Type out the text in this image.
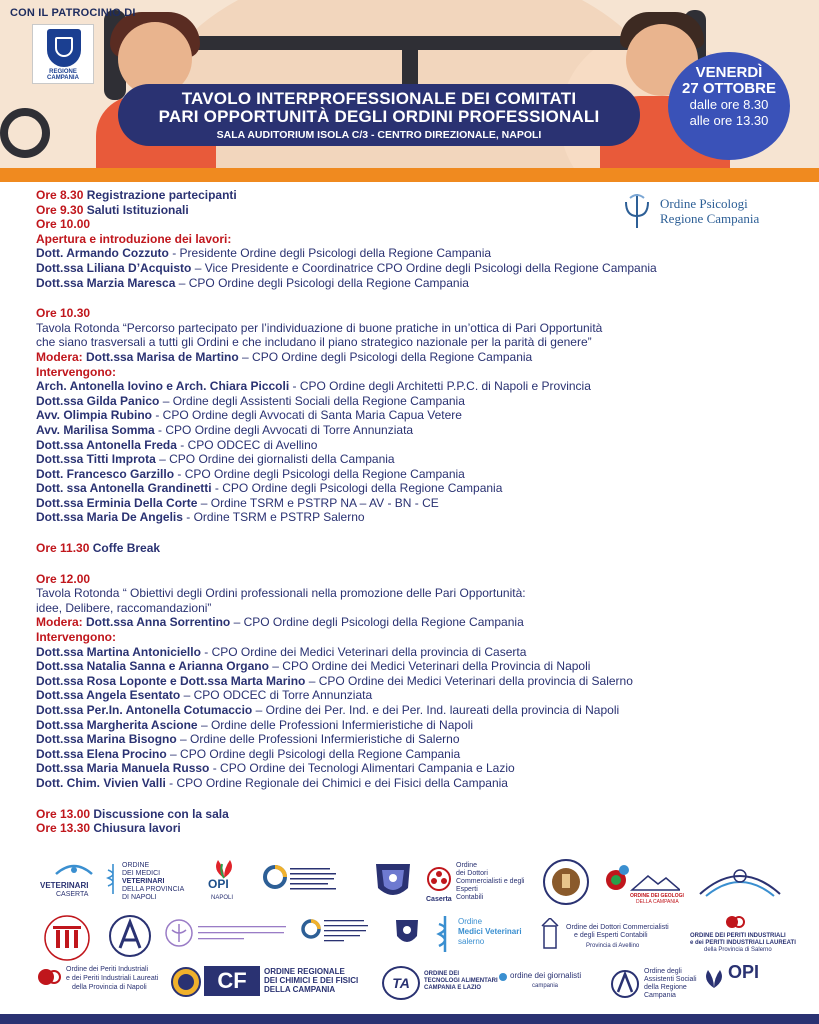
CON IL PATROCINIO DI
REGIONE CAMPANIA
TAVOLO INTERPROFESSIONALE DEI COMITATI
PARI OPPORTUNITÀ DEGLI ORDINI PROFESSIONALI
SALA AUDITORIUM ISOLA C/3 - CENTRO DIREZIONALE, NAPOLI
VENERDÌ
27 OTTOBRE
dalle ore 8.30
alle ore 13.30
Ordine Psicologi
Regione Campania
Ore 8.30 Registrazione partecipanti
Ore 9.30 Saluti Istituzionali
Ore 10.00
Apertura e introduzione dei lavori:
Dott. Armando Cozzuto - Presidente Ordine degli Psicologi della Regione Campania
Dott.ssa Liliana D’Acquisto – Vice Presidente e Coordinatrice CPO Ordine degli Psicologi della Regione Campania
Dott.ssa Marzia Maresca – CPO Ordine degli Psicologi della Regione Campania
Ore 10.30
Tavola Rotonda “Percorso partecipato per l’individuazione di buone pratiche in un’ottica di Pari Opportunità
che siano trasversali a tutti gli Ordini e che includano il piano strategico nazionale per la parità di genere”
Modera: Dott.ssa Marisa de Martino – CPO Ordine degli Psicologi della Regione Campania
Intervengono:
Arch. Antonella Iovino e Arch. Chiara Piccoli - CPO Ordine degli Architetti P.P.C. di Napoli e Provincia
Dott.ssa Gilda Panico – Ordine degli Assistenti Sociali della Regione Campania
Avv. Olimpia Rubino - CPO Ordine degli Avvocati di Santa Maria Capua Vetere
Avv. Marilisa Somma - CPO Ordine degli Avvocati di Torre Annunziata
Dott.ssa Antonella Freda - CPO ODCEC di Avellino
Dott.ssa Titti Improta – CPO Ordine dei giornalisti della Campania
Dott. Francesco Garzillo - CPO Ordine degli Psicologi della Regione Campania
Dott. ssa Antonella Grandinetti - CPO Ordine degli Psicologi della Regione Campania
Dott.ssa Erminia Della Corte – Ordine TSRM e PSTRP NA – AV - BN - CE
Dott.ssa Maria De Angelis - Ordine TSRM e PSTRP Salerno
Ore 11.30 Coffe Break
Ore 12.00
Tavola Rotonda “ Obiettivi degli Ordini professionali nella promozione delle Pari Opportunità:
idee, Delibere, raccomandazioni”
Modera: Dott.ssa Anna Sorrentino – CPO Ordine degli Psicologi della Regione Campania
Intervengono:
Dott.ssa Martina Antoniciello - CPO Ordine dei Medici Veterinari della provincia di Caserta
Dott.ssa Natalia Sanna e Arianna Organo – CPO Ordine dei Medici Veterinari della Provincia di Napoli
Dott.ssa Rosa Loponte e Dott.ssa Marta Marino – CPO Ordine dei Medici Veterinari della provincia di Salerno
Dott.ssa Angela Esentato – CPO ODCEC di Torre Annunziata
Dott.ssa Per.In. Antonella Cotumaccio – Ordine dei Per. Ind. e dei Per. Ind. laureati della provincia di Napoli
Dott.ssa Margherita Ascione – Ordine delle Professioni Infermieristiche di Napoli
Dott.ssa Marina Bisogno – Ordine delle Professioni Infermieristiche di Salerno
Dott.ssa Elena Procino – CPO Ordine degli Psicologi della Regione Campania
Dott.ssa Maria Manuela Russo - CPO Ordine dei Tecnologi Alimentari Campania e Lazio
Dott. Chim. Vivien Valli - CPO Ordine Regionale dei Chimici e dei Fisici della Campania
Ore 13.00 Discussione con la sala
Ore 13.30 Chiusura lavori
VETERINARI
CASERTA
ORDINE
DEI MEDICI
VETERINARI
DELLA PROVINCIA
DI NAPOLI
OPI
NAPOLI
Ordine
dei Dottori
Commercialisti e degli
Esperti
Contabili
Caserta	ORDINE DEI GEOLOGI
DELLA CAMPANIA
Ordine
Medici Veterinari
salerno
Ordine dei Dottori Commercialisti
e degli Esperti Contabili
Provincia di Avellino
ORDINE DEI PERITI INDUSTRIALI
e dei PERITI INDUSTRIALI LAUREATI
della Provincia di Salerno
Ordine dei Periti Industriali
e dei Periti Industriali Laureati
della Provincia di Napoli	CF	ORDINE REGIONALE
DEI CHIMICI E DEI FISICI
DELLA CAMPANIA	TA
ORDINE DEI
TECNOLOGI ALIMENTARI
CAMPANIA E LAZIO
ordine dei giornalisti
campania
Ordine degli
Assistenti Sociali
della Regione
Campania
OPI
